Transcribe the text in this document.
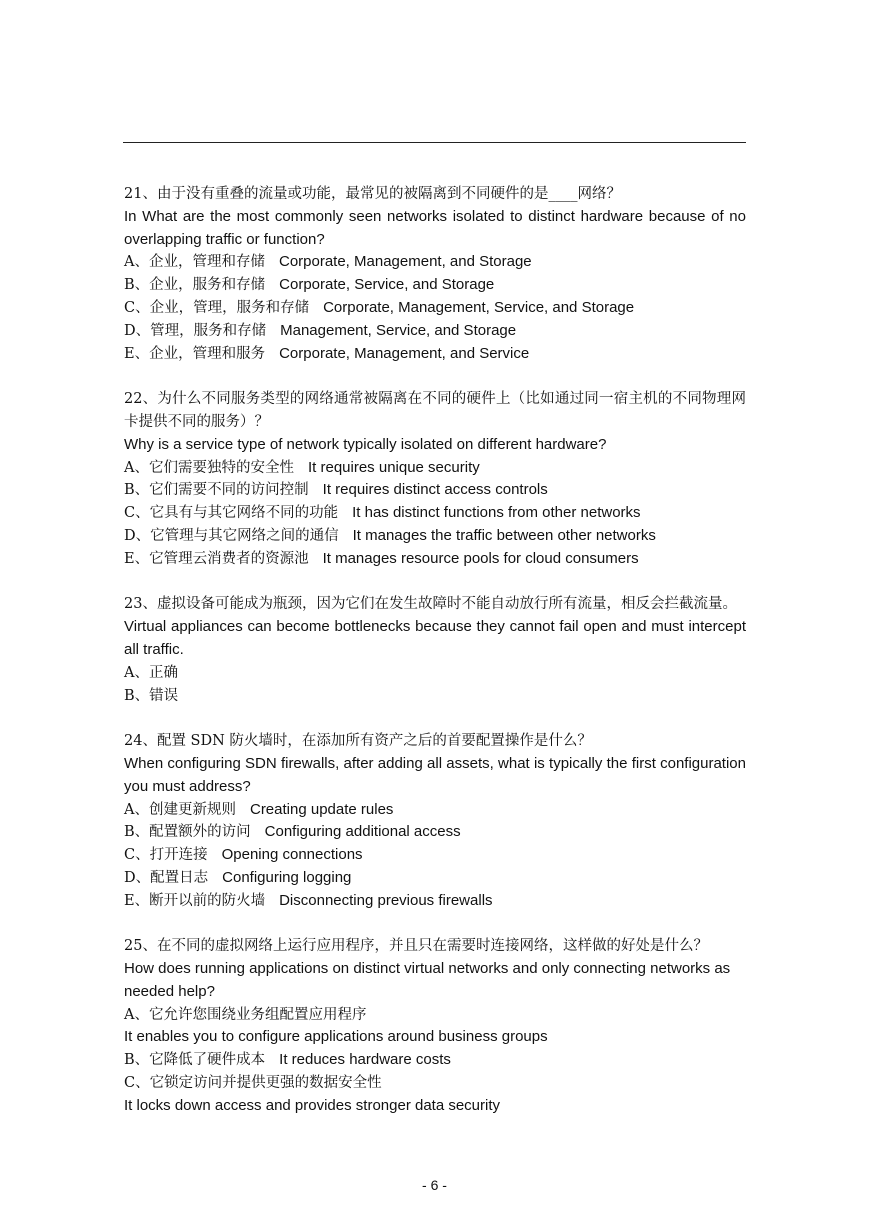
21、由于没有重叠的流量或功能，最常见的被隔离到不同硬件的是____网络？
In What are the most commonly seen networks isolated to distinct hardware because of no overlapping traffic or function?
A、企业，管理和存储 Corporate, Management, and Storage
B、企业，服务和存储 Corporate, Service, and Storage
C、企业，管理，服务和存储 Corporate, Management, Service, and Storage
D、管理，服务和存储 Management, Service, and Storage
E、企业，管理和服务 Corporate, Management, and Service
22、为什么不同服务类型的网络通常被隔离在不同的硬件上（比如通过同一宿主机的不同物理网卡提供不同的服务）？
Why is a service type of network typically isolated on different hardware?
A、它们需要独特的安全性 It requires unique security
B、它们需要不同的访问控制 It requires distinct access controls
C、它具有与其它网络不同的功能 It has distinct functions from other networks
D、它管理与其它网络之间的通信 It manages the traffic between other networks
E、它管理云消费者的资源池 It manages resource pools for cloud consumers
23、虚拟设备可能成为瓶颈，因为它们在发生故障时不能自动放行所有流量，相反会拦截流量。
Virtual appliances can become bottlenecks because they cannot fail open and must intercept all traffic.
A、正确
B、错误
24、配置 SDN 防火墙时，在添加所有资产之后的首要配置操作是什么？
When configuring SDN firewalls, after adding all assets, what is typically the first configuration you must address?
A、创建更新规则 Creating update rules
B、配置额外的访问 Configuring additional access
C、打开连接 Opening connections
D、配置日志 Configuring logging
E、断开以前的防火墙 Disconnecting previous firewalls
25、在不同的虚拟网络上运行应用程序，并且只在需要时连接网络，这样做的好处是什么？
How does running applications on distinct virtual networks and only connecting networks as needed help?
A、它允许您围绕业务组配置应用程序
It enables you to configure applications around business groups
B、它降低了硬件成本 It reduces hardware costs
C、它锁定访问并提供更强的数据安全性
It locks down access and provides stronger data security
- 6 -
